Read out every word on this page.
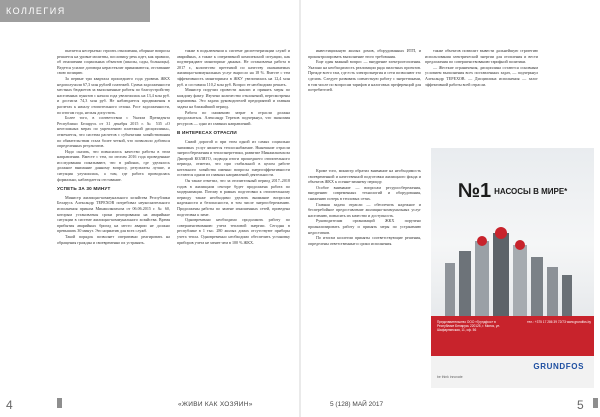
КОЛЛЕГИЯ

пытается несерьезно строить отношения, оборные вопросы решается на уровне молитвы, пословицу речь идет, как правило, об отношении социальных объектов (школы, сады, больницы). Ведется усилие договора нерастеклит принимаются, отставание свою позицию.

За первые три квартала прошедшего года уровень ЖКХ недополучили 67,3 млн рублей платежей. Сумма задолженности местных бюджетов за выполненные работы по благоустройству населенных пунктов с начала года увеличилась на 13,4 млн руб. и достигла 74,3 млн руб. Не наблюдается продвижения в расчетах к началу отопительного сезона. Рост задолженности, по итогам года, нельзя допустить.

Более того, в соответствии с Указом Президента Республики Беларусь от 31 декабря 2015 г. № 535 «О неотложных мерах по укреплению платежной дисциплины», отмечается, что система расчетов с субъектами хозяйствования по обязательствам стала более четкой, что позволило добиться определенных результатов.

Надо сказать, что повысилось качество работы в этом направлении. Вместе с тем, по итогам 2016 года проведенные исследования показывают, что в районах, где уделялось должное внимание данному вопросу, результаты лучше, и ситуация улучшилась, а там, где работа проводилась формально, наблюдается отставание.

УСПЕТЬ ЗА 30 МИНУТ

Министр жилищно-коммунального хозяйства Республики Беларусь Александр ТЕРЕХОВ потребовал неукоснительного исполнения приказа Минжилкомхоза от 06.06.2015 г. № 60, которым установлены сроки реагирования на аварийные ситуации в системе жилищно-коммунального хозяйства. Время прибытия аварийных бригад на место аварии не должно превышать 30 минут. Это норматив для всех служб.

Такой порядок позволяет оперативно реагировать на обращения граждан и своевременно их устранять.

также в подключении к системе диспетчеризации служб и аварийных, а также к оперативной комплексной ситуации, как подтверждают мониторинг данных. Не остановлена работа в 2017 г., количество претензий по качеству оказываемых жилищно-коммунальных услуг выросло на 18 %. Вместе с тем эффективность мониторинга в ЖКУ увеличилась на 12,4 млн руб. и составила 110,2 млн руб. Вопрос ее необходимо решать.

Министр поручил провести анализ и принять меры по каждому факту. Изучено количество отклонений, пересмотрены нормативы. Это задача руководителей предприятий и главная задача на ближайший период.

Работа по снижению затрат в отрасли должна продолжаться. Александр Терехов подчеркнул, что экономия ресурсов — одно из главных направлений.

В ИНТЕРЕСАХ ОТРАСЛИ

Самой дорогой и при этом одной из самых социально значимых услуг является теплоснабжение. Нынешние отрасли энергосбережения и теплоэнергетики, развитие Минжилкомхоза Дмитрий КОЛЯГО, подводя итоги прошедшего отопительного периода, отметил, что при стабильной в целом работе котельного хозяйства именно вопросы энергоэффективности остаются одним из главных направлений деятельности.

Он также отметил, что за отопительный период 2017–2018 годов в жилищном секторе будет продолжена работа по модернизации. Потому в рамках подготовки к отопительному периоду также необходимо уделить внимание вопросам надежности и безопасности, в том числе энергосбережению. Продолжены работы по замене изношенных сетей, проведена подготовка к зиме.

Одновременно необходимо продолжить работу по совершенствованию учета тепловой энергии. Сегодня в республике в 1 тыс. 280 жилых домах отсутствуют приборы учета тепла. Одновременно необходимо обеспечить установку приборов учета не менее чем в 100 % ЖКХ.

инвестиционную жилых домов, оборудованных ИТП, и проконтролировать выполнение этого требования.

Еще один важный вопрос — внедрение электроотопления. Указано на необходимость реализации ряда пилотных проектов. Прежде всего там, где есть электроэнергия и сети позволяют это сделать. Следует развивать совместную работу с энергетиками, в том числе по вопросам тарифов и налоговых преференций для потребителей.

также объектов позволит вывести дальнейшую стратегию использования электрической энергии для отопления и вести предложения по совершенствованию тарифной политики.

— Жесткие ограничения, дисциплина остаются основным условием выполнения всех поставленных задач, — подчеркнул Александр ТЕРЕХОВ. — Дисциплина исполнения — залог эффективной работы всей отрасли.

Кроме того, министр обратил внимание на необходимость своевременной и качественной подготовки жилищного фонда и объектов ЖКХ к осенне-зимнему периоду.

Особое внимание — вопросам ресурсосбережения, внедрению современных технологий и оборудования, снижению потерь в тепловых сетях.

Главная задача отрасли — обеспечить надежное и бесперебойное предоставление жилищно-коммунальных услуг населению, повысить их качество и доступность.

Руководителям организаций ЖКХ поручено проанализировать работу и принять меры по устранению недостатков.

По итогам коллегии приняты соответствующие решения, определены ответственные и сроки исполнения.

№1 НАСОСЫ В МИРЕ*
Представительство ООО «Грундфос» в Республике Беларусь 220125, г. Минск, ул. Шафарнянская, 11, оф. 56
тел.: +375 17 286 39 72/73 www.grundfos.by
GRUNDFOS
be think innovate
4	«ЖИВИ КАК ХОЗЯИН»	5 (128) МАЙ 2017	5
